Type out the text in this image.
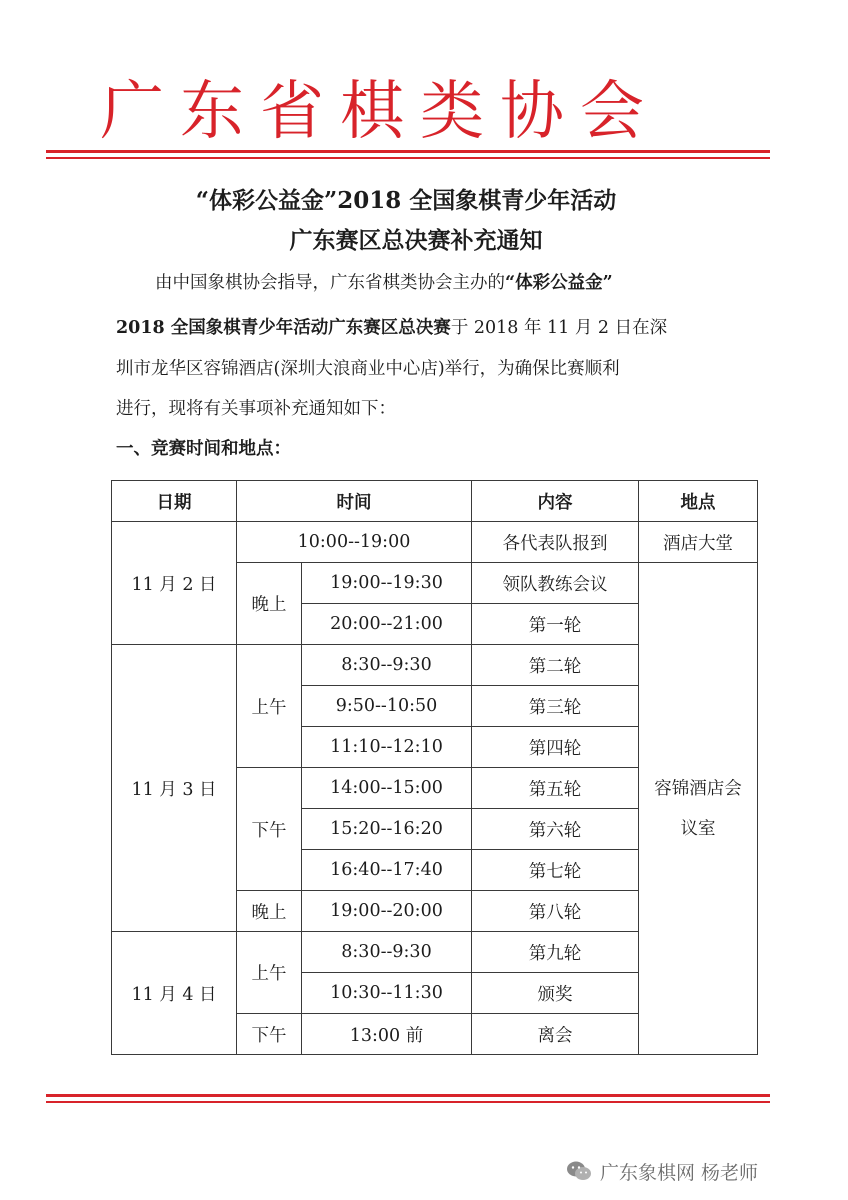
广东省棋类协会
“体彩公益金”2018 全国象棋青少年活动
广东赛区总决赛补充通知
由中国象棋协会指导，广东省棋类协会主办的“体彩公益金”
2018 全国象棋青少年活动广东赛区总决赛于 2018 年 11 月 2 日在深
圳市龙华区容锦酒店(深圳大浪商业中心店)举行，为确保比赛顺利
进行，现将有关事项补充通知如下：
一、竞赛时间和地点：
日期	时间		内容	地点
11 月 2 日	10:00--19:00		各代表队报到	酒店大堂
	晚上	19:00--19:30	领队教练会议	容锦酒店会
议室
		20:00--21:00	第一轮	
11 月 3 日	上午	8:30--9:30	第二轮	
		9:50--10:50	第三轮	
		11:10--12:10	第四轮	
	下午	14:00--15:00	第五轮	
		15:20--16:20	第六轮	
		16:40--17:40	第七轮	
	晚上	19:00--20:00	第八轮	
11 月 4 日	上午	8:30--9:30	第九轮	
		10:30--11:30	颁奖	
	下午	13:00 前	离会	
广东象棋网 杨老师
